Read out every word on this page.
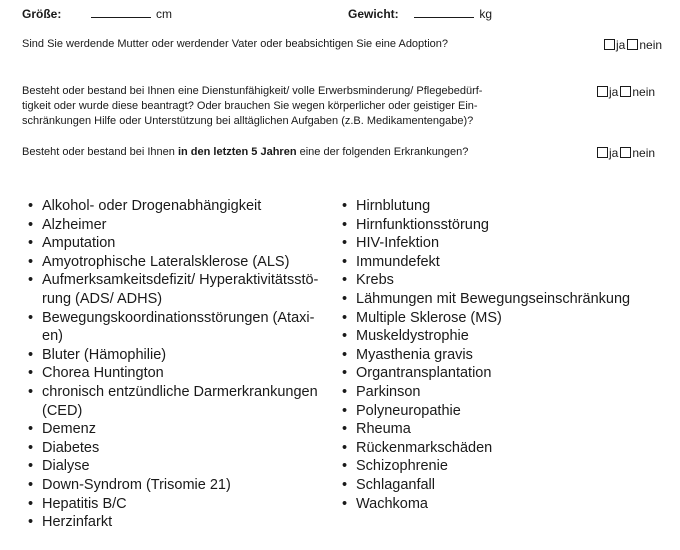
Größe:	cm	Gewicht:	kg
Sind Sie werdende Mutter oder werdender Vater oder beabsichtigen Sie eine Adoption?	ja nein
Besteht oder bestand bei Ihnen eine Dienstunfähigkeit/ volle Erwerbsminderung/ Pflegebedürf-
tigkeit oder wurde diese beantragt? Oder brauchen Sie wegen körperlicher oder geistiger Ein-
schränkungen Hilfe oder Unterstützung bei alltäglichen Aufgaben (z.B. Medikamentengabe)?
ja nein
Besteht oder bestand bei Ihnen in den letzten 5 Jahren eine der folgenden Erkrankungen?	ja nein
• Alkohol- oder Drogenabhängigkeit
• Alzheimer
• Amputation
• Amyotrophische Lateralsklerose (ALS)
• Aufmerksamkeitsdefizit/ Hyperaktivitätsstö-
rung (ADS/ ADHS)
• Bewegungskoordinationsstörungen (Ataxi-
en)
• Bluter (Hämophilie)
• Chorea Huntington
• chronisch entzündliche Darmerkrankungen
(CED)
• Demenz
• Diabetes
• Dialyse
• Down-Syndrom (Trisomie 21)
• Hepatitis B/C
• Herzinfarkt
• Hirnblutung
• Hirnfunktionsstörung
• HIV-Infektion
• Immundefekt
• Krebs
• Lähmungen mit Bewegungseinschränkung
• Multiple Sklerose (MS)
• Muskeldystrophie
• Myasthenia gravis
• Organtransplantation
• Parkinson
• Polyneuropathie
• Rheuma
• Rückenmarkschäden
• Schizophrenie
• Schlaganfall
• Wachkoma
